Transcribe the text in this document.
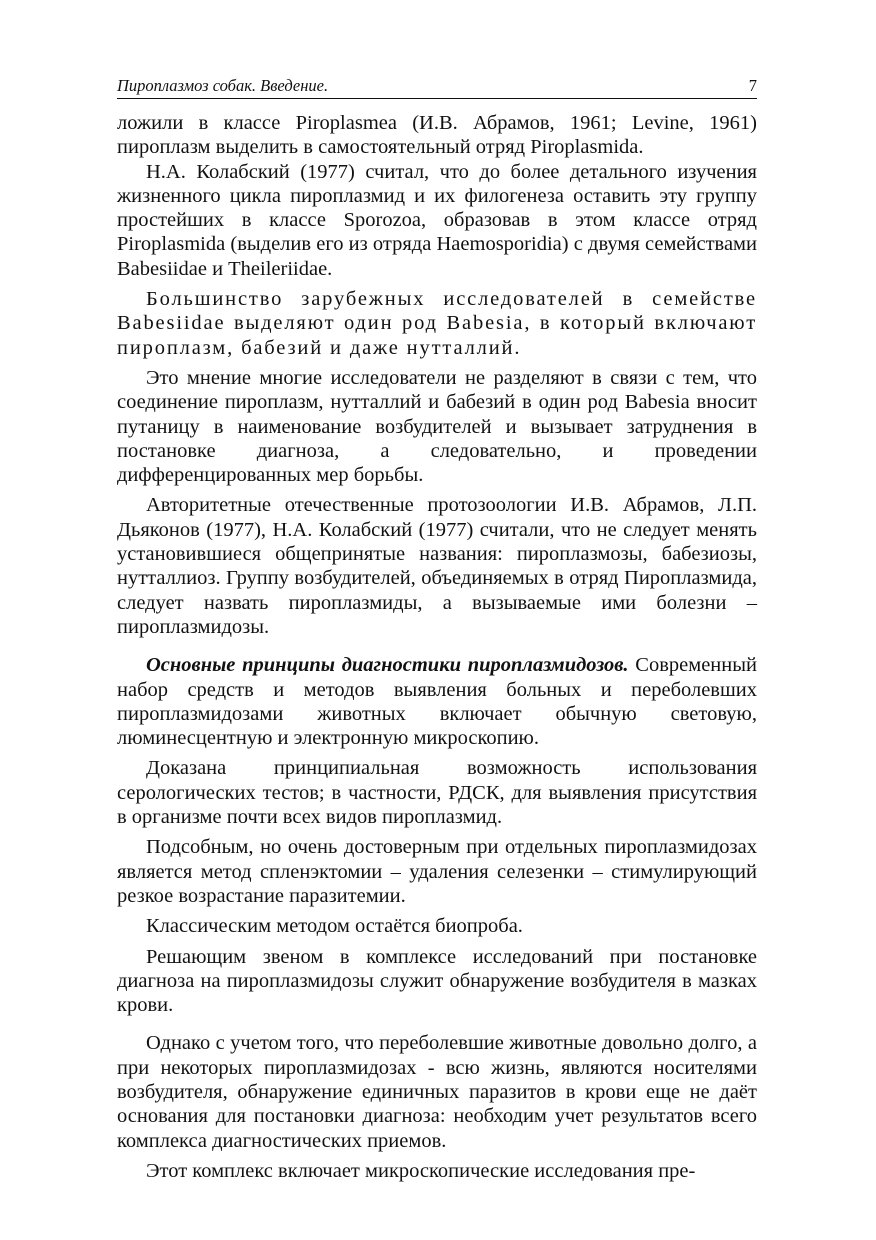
Пироплазмоз собак. Введение.	7

ложили в классе Piroplasmea (И.В. Абрамов, 1961; Levine, 1961) пироплазм выделить в самостоятельный отряд Piroplasmida.

Н.А. Колабский (1977) считал, что до более детального изучения жизненного цикла пироплазмид и их филогенеза оставить эту группу простейших в классе Sporozoa, образовав в этом классе отряд Piroplasmida (выделив его из отряда Haemosporidia) с двумя семействами Babesiidae и Theileriidae.

Большинство зарубежных исследователей в семействе Babesiidae выделяют один род Babesia, в который включают пироплазм, бабезий и даже нутталлий.

Это мнение многие исследователи не разделяют в связи с тем, что соединение пироплазм, нутталлий и бабезий в один род Babesia вносит путаницу в наименование возбудителей и вызывает затруднения в постановке диагноза, а следовательно, и проведении дифференцированных мер борьбы.

Авторитетные отечественные протозоологии И.В. Абрамов, Л.П. Дьяконов (1977), Н.А. Колабский (1977) считали, что не следует менять установившиеся общепринятые названия: пироплазмозы, бабезиозы, нутталлиоз. Группу возбудителей, объединяемых в отряд Пироплазмида, следует назвать пироплазмиды, а вызываемые ими болезни – пироплазмидозы.

Основные принципы диагностики пироплазмидозов. Современный набор средств и методов выявления больных и переболевших пироплазмидозами животных включает обычную световую, люминесцентную и электронную микроскопию.

Доказана принципиальная возможность использования серологических тестов; в частности, РДСК, для выявления присутствия в организме почти всех видов пироплазмид.

Подсобным, но очень достоверным при отдельных пироплазмидозах является метод спленэктомии – удаления селезенки – стимулирующий резкое возрастание паразитемии.

Классическим методом остаётся биопроба.

Решающим звеном в комплексе исследований при постановке диагноза на пироплазмидозы служит обнаружение возбудителя в мазках крови.

Однако с учетом того, что переболевшие животные довольно долго, а при некоторых пироплазмидозах - всю жизнь, являются носителями возбудителя, обнаружение единичных паразитов в крови еще не даёт основания для постановки диагноза: необходим учет результатов всего комплекса диагностических приемов.

Этот комплекс включает микроскопические исследования пре-
